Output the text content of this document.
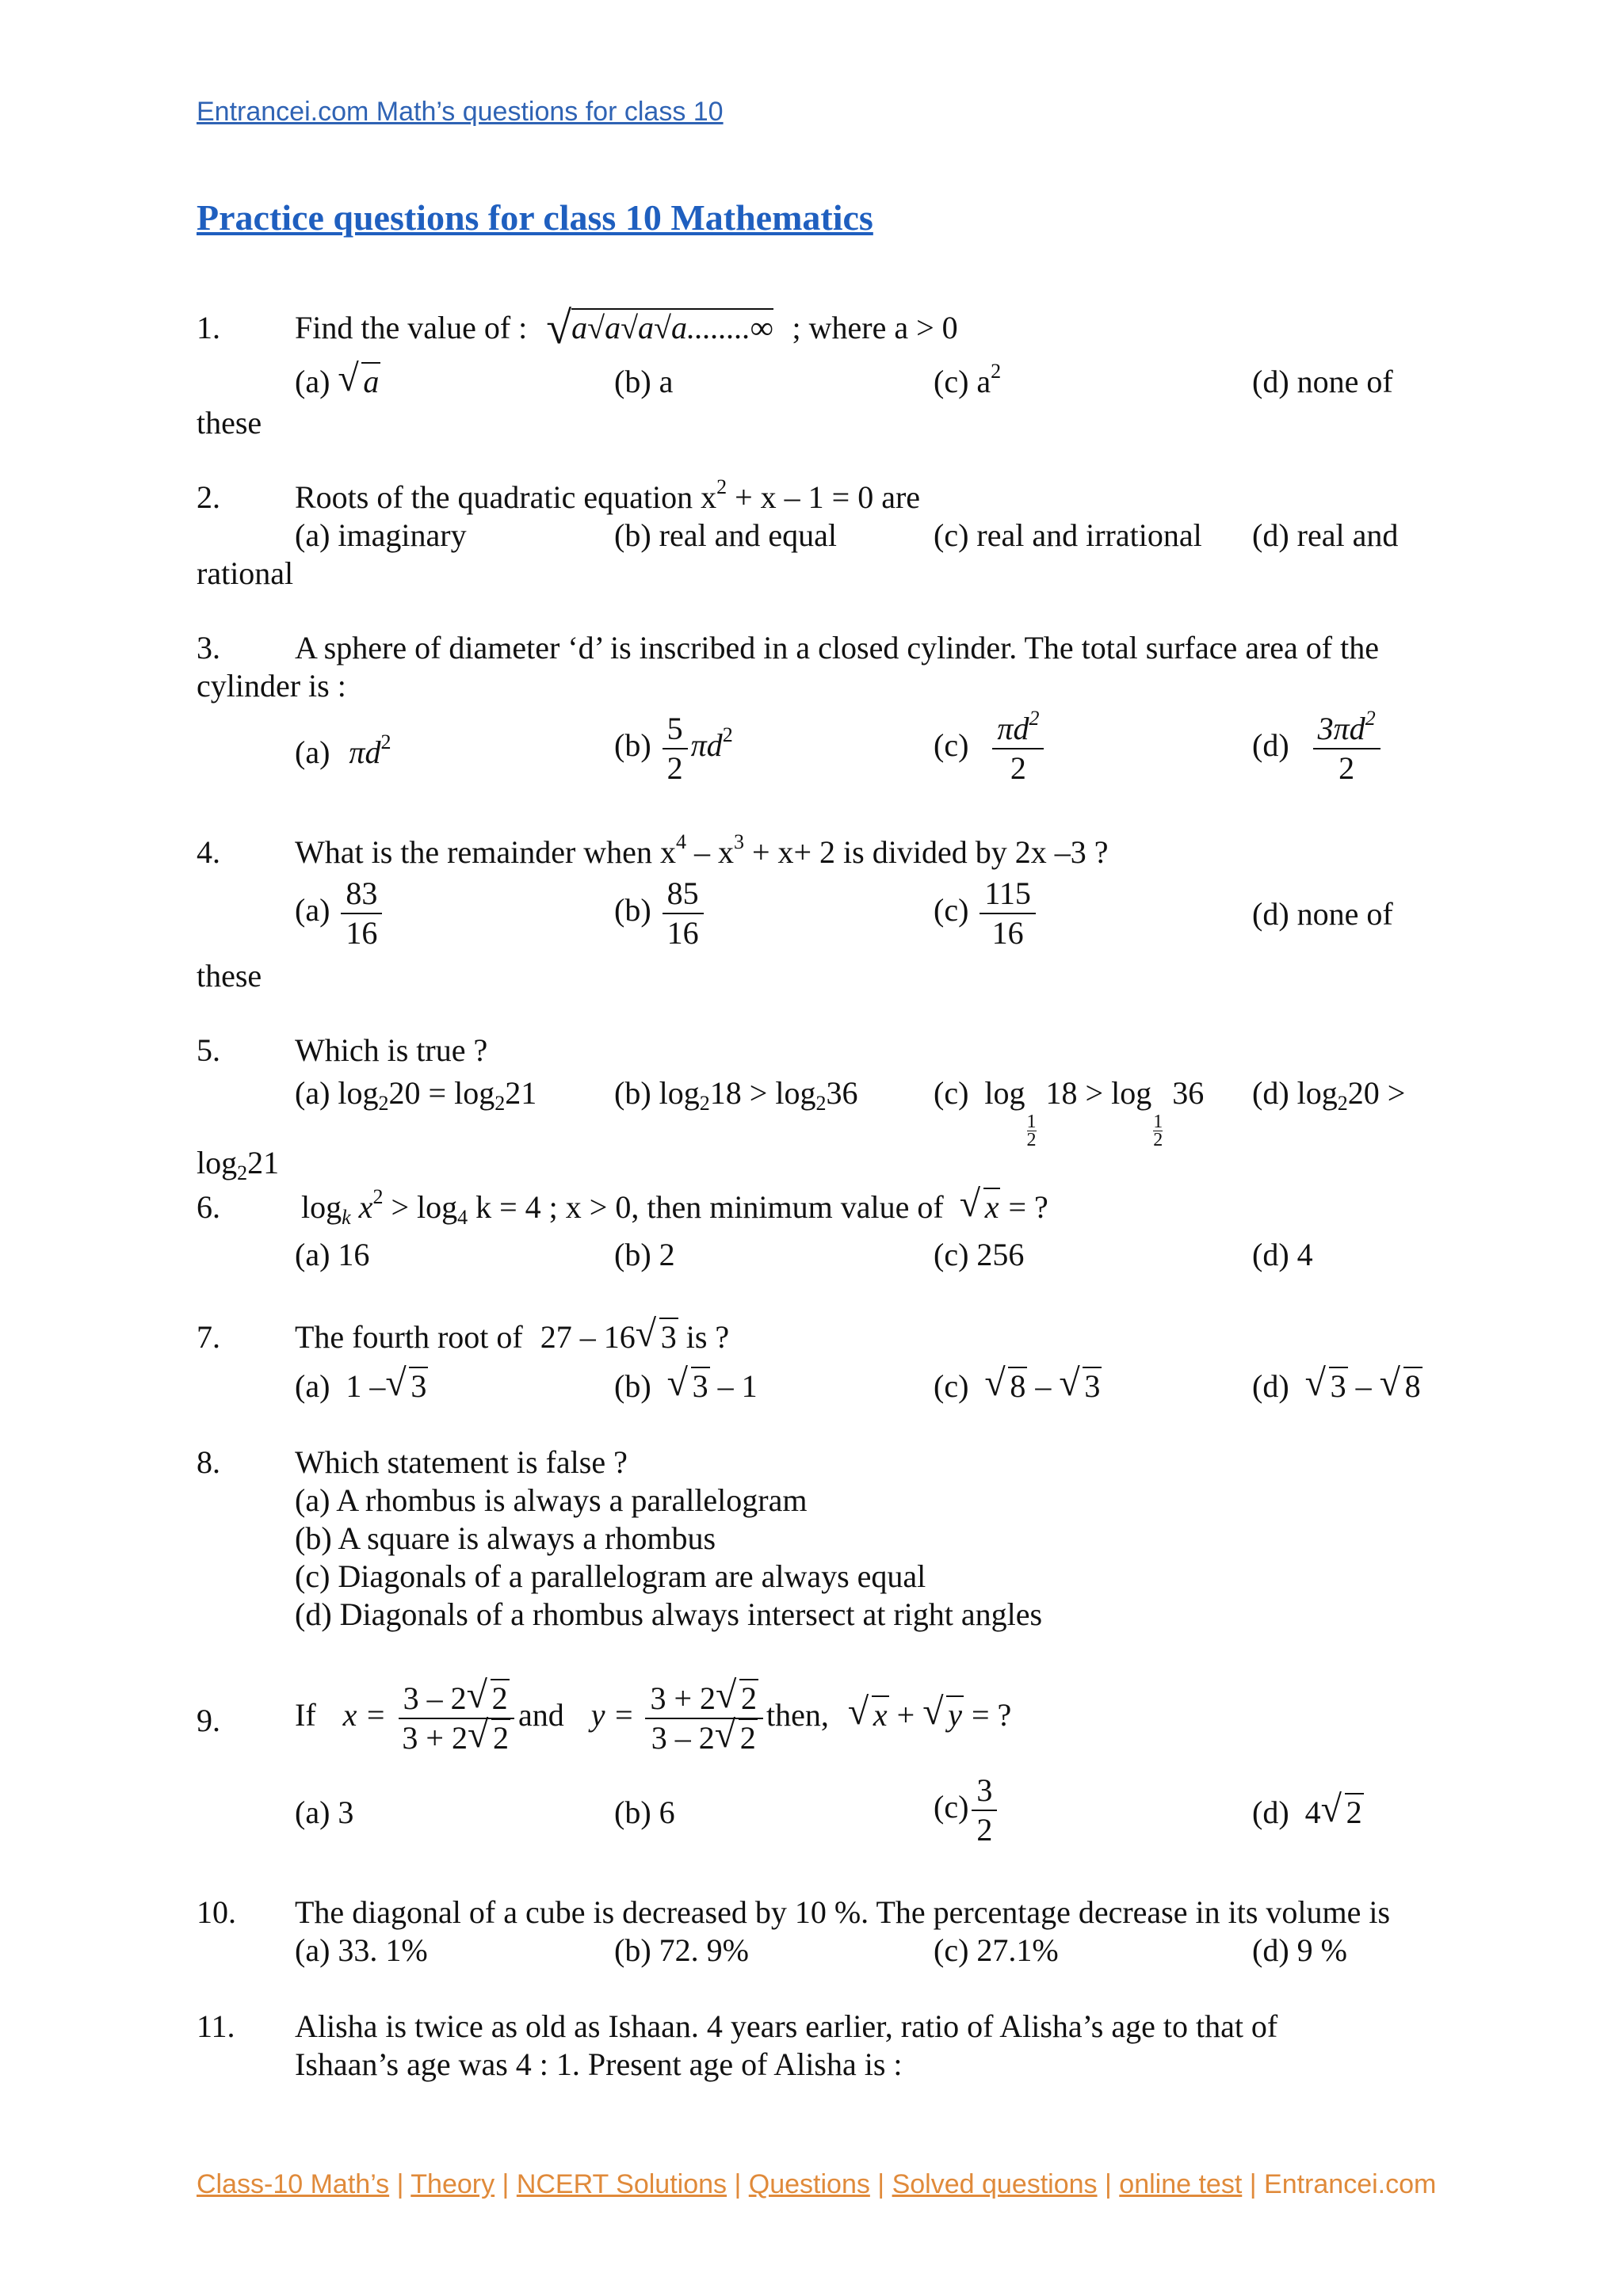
Entrancei.com Math’s questions for class 10
Practice questions for class 10 Mathematics
1. Find the value of : √a√a√a√a........∞ ; where a > 0
(a) √ a	(b) a	(c) $a^2$	(d) none of
these
2. Roots of the quadratic equation $x^2 + x - 1 = 0$ are
(a) imaginary	(b) real and equal	(c) real and irrational (d) real and
rational
3. A sphere of diameter ‘d’ is inscribed in a closed cylinder. The total surface area of the
cylinder is :
(a) $\pi d^2$	$(b) \frac{5}{2} \pi d^2$	$(c) \frac{\pi d^2}{2}$	$(d) \frac{3\pi d^2}{2}$
4. What is the remainder when $x^4 - x^3 + x+ 2$ is divided by 2x –3 ?
$(a) \frac{83}{16}$	$(b) \frac{85}{16}$	$(c) \frac{115}{16}$	(d) none of
these
5. Which is true ?
(a) $\log_220 = \log_221$ (b) $\log_218 > \log_236$ (c) log
$\frac{1}{2}$
18 > log
$\frac{1}{2}$
36 (d) $\log_220$ >
$\log_221$
6.	$\log_k x^2 > \log_4 k = 4$ ; x > 0, then minimum value of √ x = ?
(a) 16	(b) 2	(c) 256	(d) 4
7. The fourth root of 27 – 16 √ 3 is ?
(a) 1 – √ 3	(b) √ 3 – 1	(c) √ 8 – √ 3	(d) √ 3 – √ 8
8. Which statement is false ?
(a) A rhombus is always a parallelogram
(b) A square is always a rhombus
(c) Diagonals of a parallelogram are always equal
(d) Diagonals of a rhombus always intersect at right angles
9. If $x = \frac{3 - 2 √ 2}{3 + 2 √ 2}$ and $y = \frac{3 + 2 √ 2}{3 - 2 √ 2}$ then, √ x + √ y = ?
(a) 3	(b) 6	$(c) \frac{3}{2}$	(d) 4 √ 2
10. The diagonal of a cube is decreased by 10 %. The percentage decrease in its volume is
(a) 33. 1%	(b) 72. 9%	(c) 27.1%	(d) 9 %
11. Alisha is twice as old as Ishaan. 4 years earlier, ratio of Alisha’s age to that of
Ishaan’s age was 4 : 1. Present age of Alisha is :
Class-10 Math’s | Theory | NCERT Solutions | Questions | Solved questions | online test | Entrancei.com
